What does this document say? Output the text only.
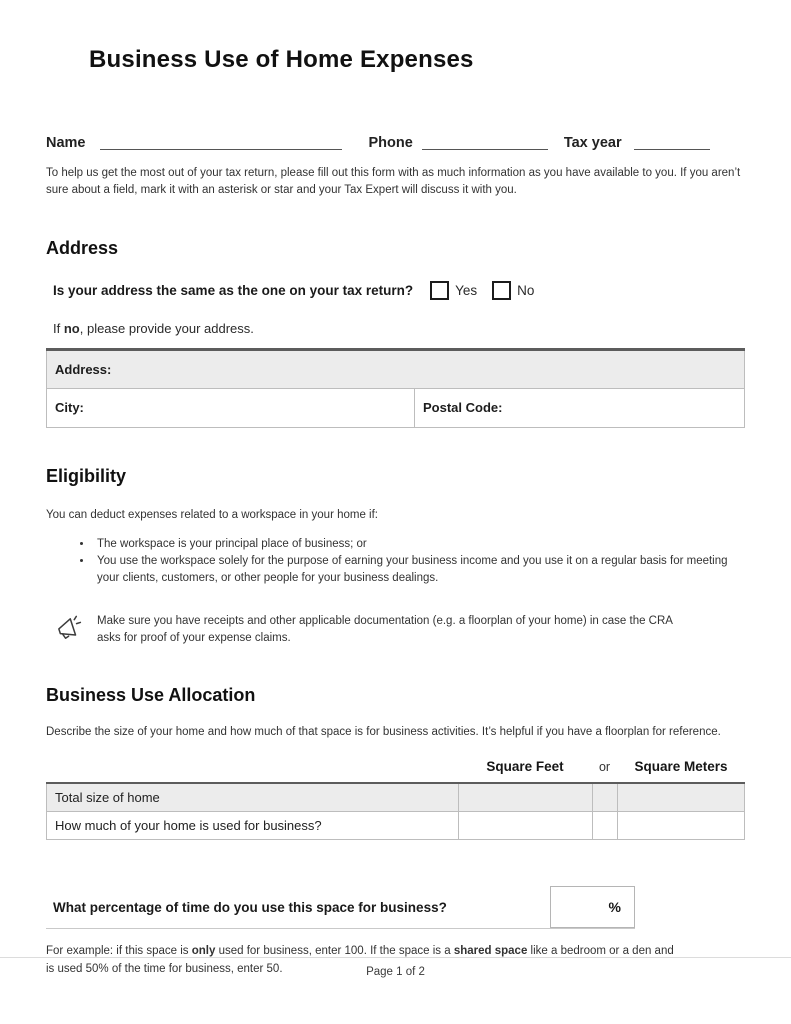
Business Use of Home Expenses
Name	Phone	Tax year

To help us get the most out of your tax return, please fill out this form with as much information as you have available to you. If you aren’t sure about a field, mark it with an asterisk or star and your Tax Expert will discuss it with you.

Address
Is your address the same as the one on your tax return?	Yes	No

If no, please provide your address.

Address:
City:	Postal Code:
Eligibility

You can deduct expenses related to a workspace in your home if:

• The workspace is your principal place of business; or
• You use the workspace solely for the purpose of earning your business income and you use it on a regular basis for meeting your clients, customers, or other people for your business dealings.

Make sure you have receipts and other applicable documentation (e.g. a floorplan of your home) in case the CRA asks for proof of your expense claims.

Business Use Allocation

Describe the size of your home and how much of that space is for business activities. It’s helpful if you have a floorplan for reference.

Square Feet	or	Square Meters
Total size of home
How much of your home is used for business?
What percentage of time do you use this space for business?	%

For example: if this space is only used for business, enter 100. If the space is a shared space like a bedroom or a den and is used 50% of the time for business, enter 50.	Page 1 of 2
